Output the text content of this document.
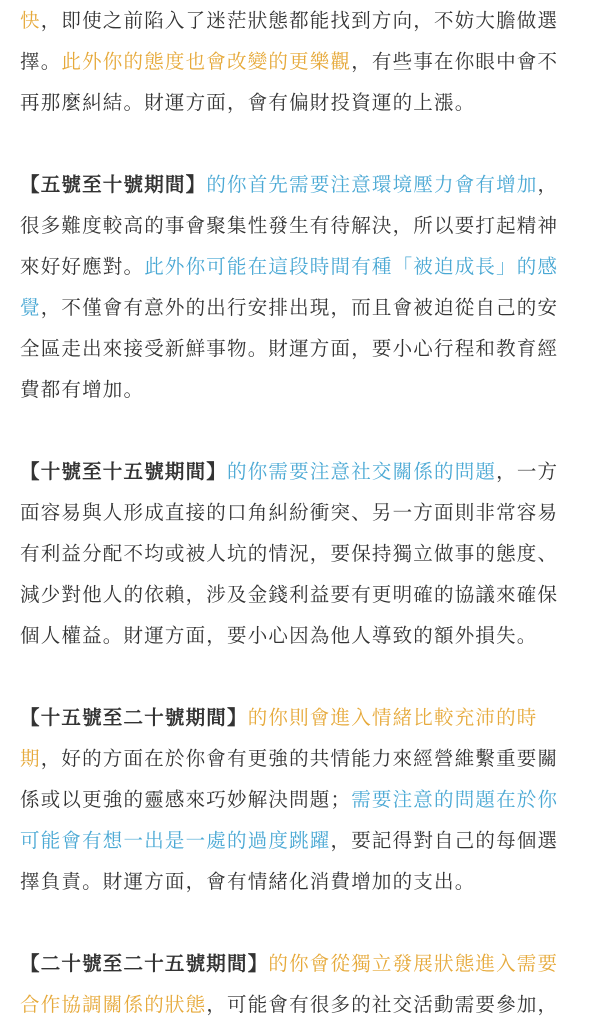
快，即使之前陷入了迷茫狀態都能找到方向，不妨大膽做選
擇。此外你的態度也會改變的更樂觀，有些事在你眼中會不
再那麼糾結。財運方面，會有偏財投資運的上漲。
【五號至十號期間】的你首先需要注意環境壓力會有增加，
很多難度較高的事會聚集性發生有待解決，所以要打起精神
來好好應對。此外你可能在這段時間有種「被迫成長」的感
覺，不僅會有意外的出行安排出現，而且會被迫從自己的安
全區走出來接受新鮮事物。財運方面，要小心行程和教育經
費都有增加。
【十號至十五號期間】的你需要注意社交關係的問題，一方
面容易與人形成直接的口角糾紛衝突、另一方面則非常容易
有利益分配不均或被人坑的情況，要保持獨立做事的態度、
減少對他人的依賴，涉及金錢利益要有更明確的協議來確保
個人權益。財運方面，要小心因為他人導致的額外損失。
【十五號至二十號期間】的你則會進入情緒比較充沛的時
期，好的方面在於你會有更強的共情能力來經營維繫重要關
係或以更強的靈感來巧妙解決問題；需要注意的問題在於你
可能會有想一出是一處的過度跳躍，要記得對自己的每個選
擇負責。財運方面，會有情緒化消費增加的支出。
【二十號至二十五號期間】的你會從獨立發展狀態進入需要
合作協調關係的狀態，可能會有很多的社交活動需要參加，
